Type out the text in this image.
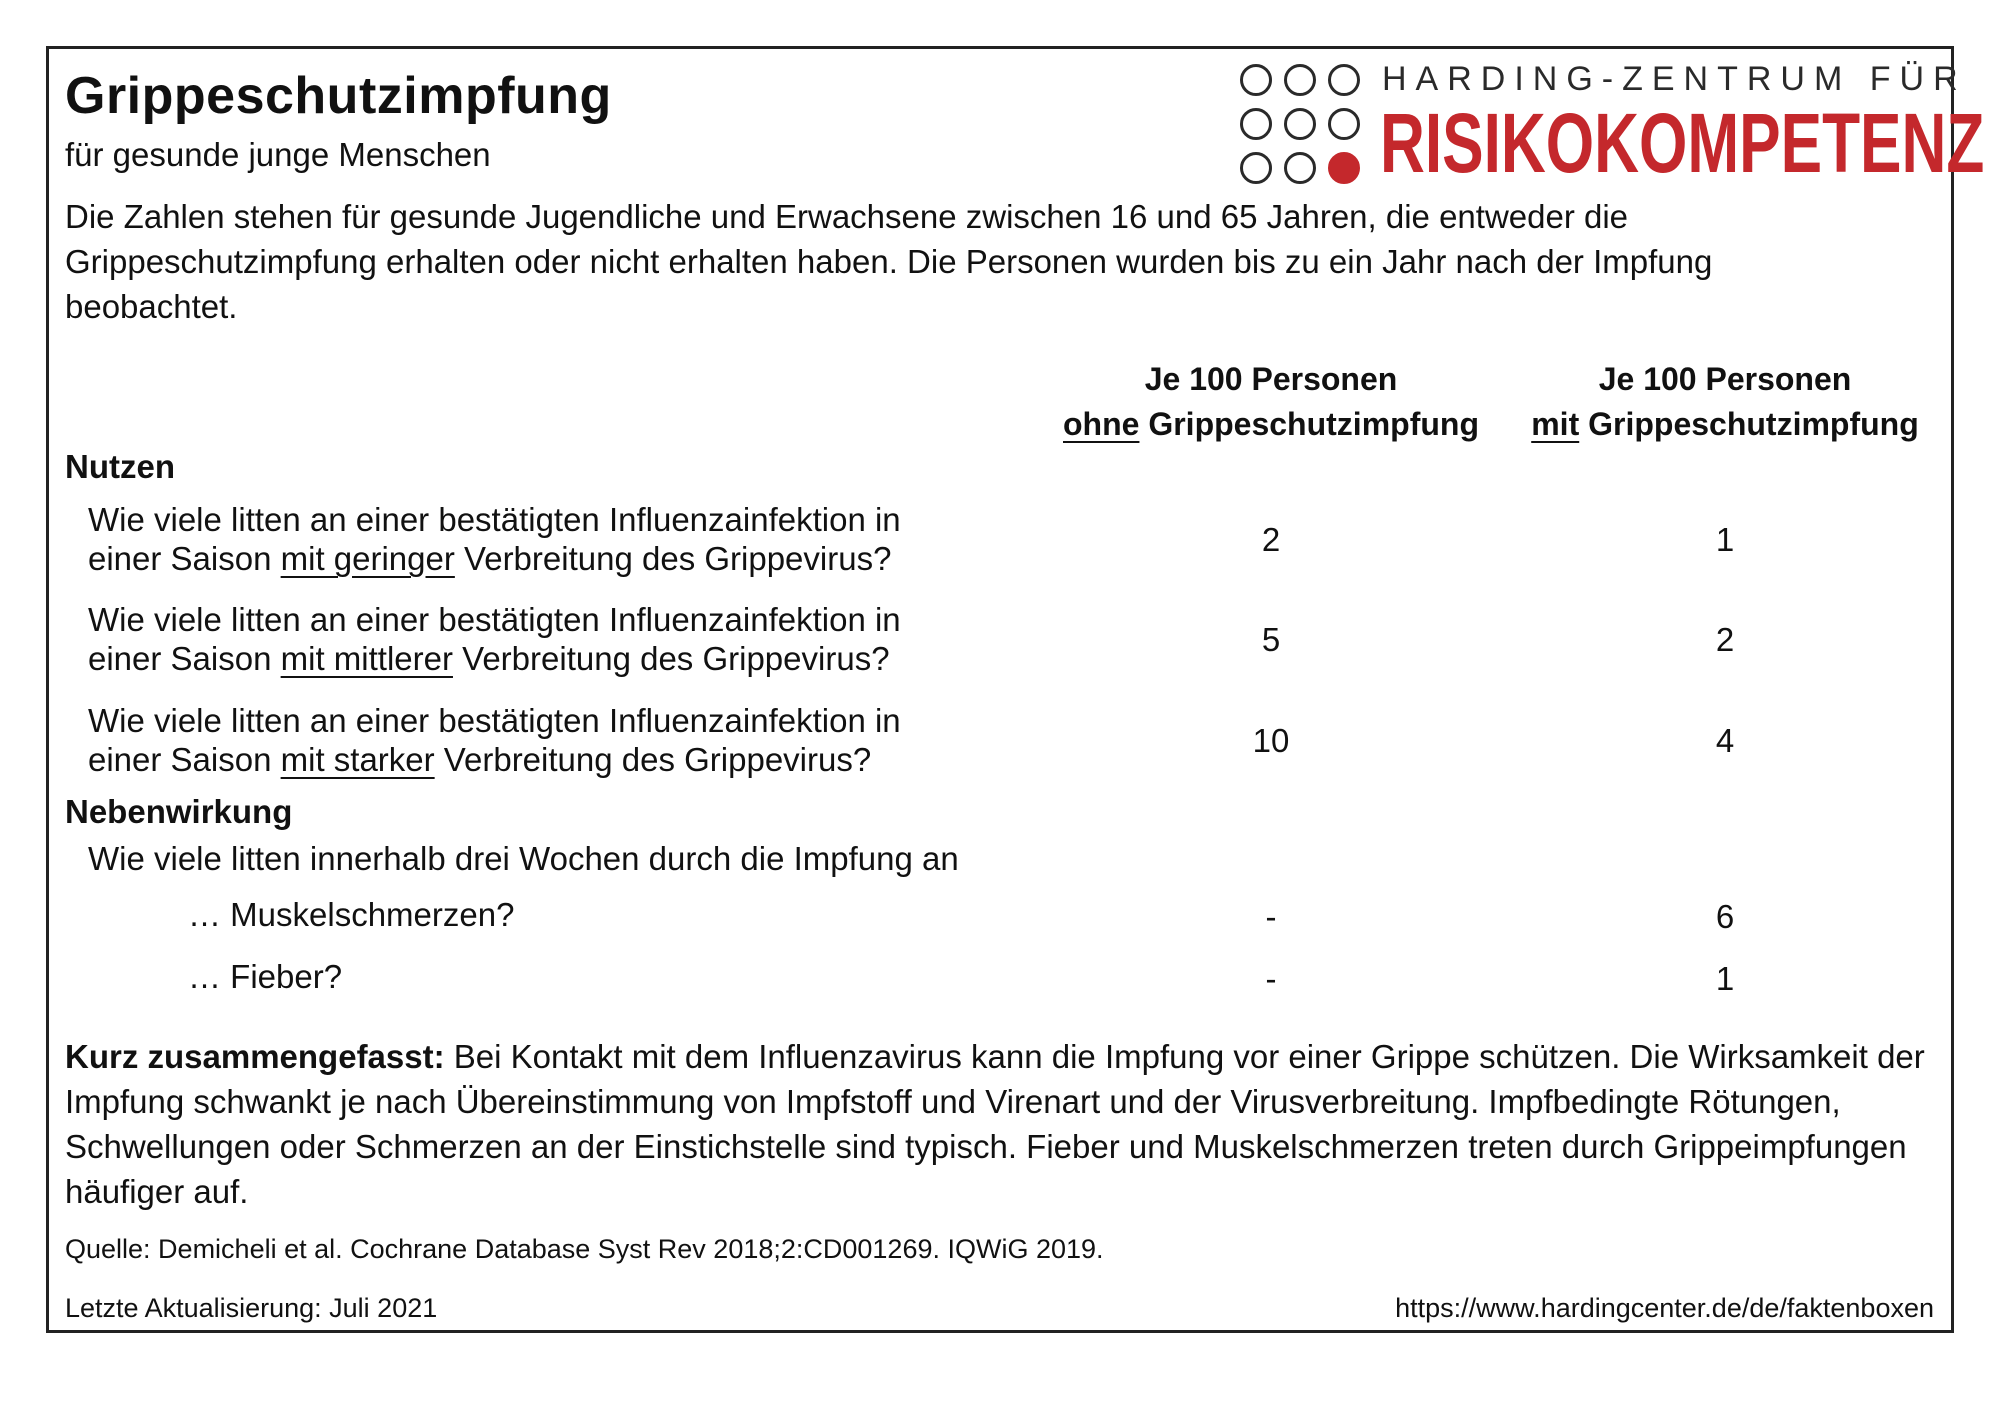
Grippeschutzimpfung
für gesunde junge Menschen
HARDING-ZENTRUM FÜR
RISIKOKOMPETENZ
Die Zahlen stehen für gesunde Jugendliche und Erwachsene zwischen 16 und 65 Jahren, die entweder die Grippeschutzimpfung erhalten oder nicht erhalten haben. Die Personen wurden bis zu ein Jahr nach der Impfung beobachtet.
Je 100 Personen
ohne Grippeschutzimpfung
Je 100 Personen
mit Grippeschutzimpfung
Nutzen
Wie viele litten an einer bestätigten Influenzainfektion in
einer Saison mit geringer Verbreitung des Grippevirus?
2	1
Wie viele litten an einer bestätigten Influenzainfektion in
einer Saison mit mittlerer Verbreitung des Grippevirus?
5	2
Wie viele litten an einer bestätigten Influenzainfektion in
einer Saison mit starker Verbreitung des Grippevirus?
10	4
Nebenwirkung
Wie viele litten innerhalb drei Wochen durch die Impfung an
… Muskelschmerzen?	-	6
… Fieber?	-	1
Kurz zusammengefasst: Bei Kontakt mit dem Influenzavirus kann die Impfung vor einer Grippe schützen. Die Wirksamkeit der Impfung schwankt je nach Übereinstimmung von Impfstoff und Virenart und der Virusverbreitung. Impfbedingte Rötungen, Schwellungen oder Schmerzen an der Einstichstelle sind typisch. Fieber und Muskelschmerzen treten durch Grippeimpfungen häufiger auf.
Quelle: Demicheli et al. Cochrane Database Syst Rev 2018;2:CD001269. IQWiG 2019.
Letzte Aktualisierung: Juli 2021	https://www.hardingcenter.de/de/faktenboxen
